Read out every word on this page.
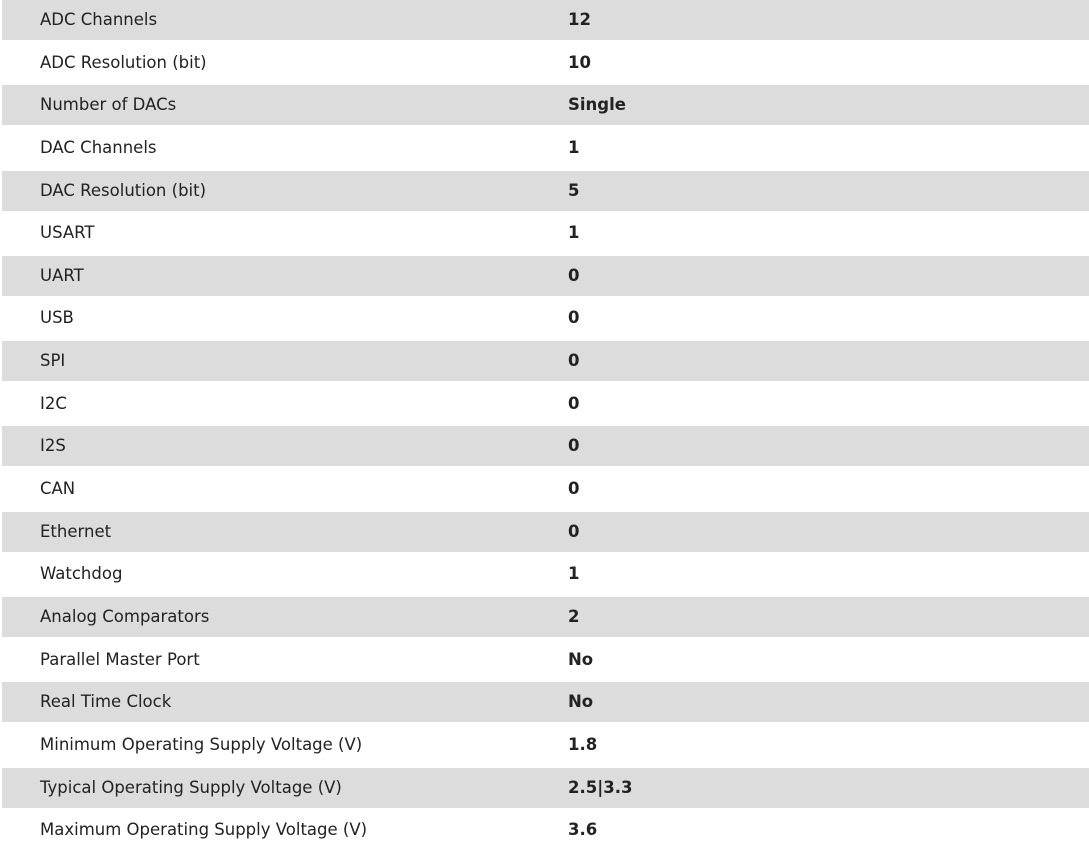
ADC Channels	12
ADC Resolution (bit)	10
Number of DACs	Single
DAC Channels	1
DAC Resolution (bit)	5
USART	1
UART	0
USB	0
SPI	0
I2C	0
I2S	0
CAN	0
Ethernet	0
Watchdog	1
Analog Comparators	2
Parallel Master Port	No
Real Time Clock	No
Minimum Operating Supply Voltage (V)	1.8
Typical Operating Supply Voltage (V)	2.5|3.3
Maximum Operating Supply Voltage (V)	3.6
